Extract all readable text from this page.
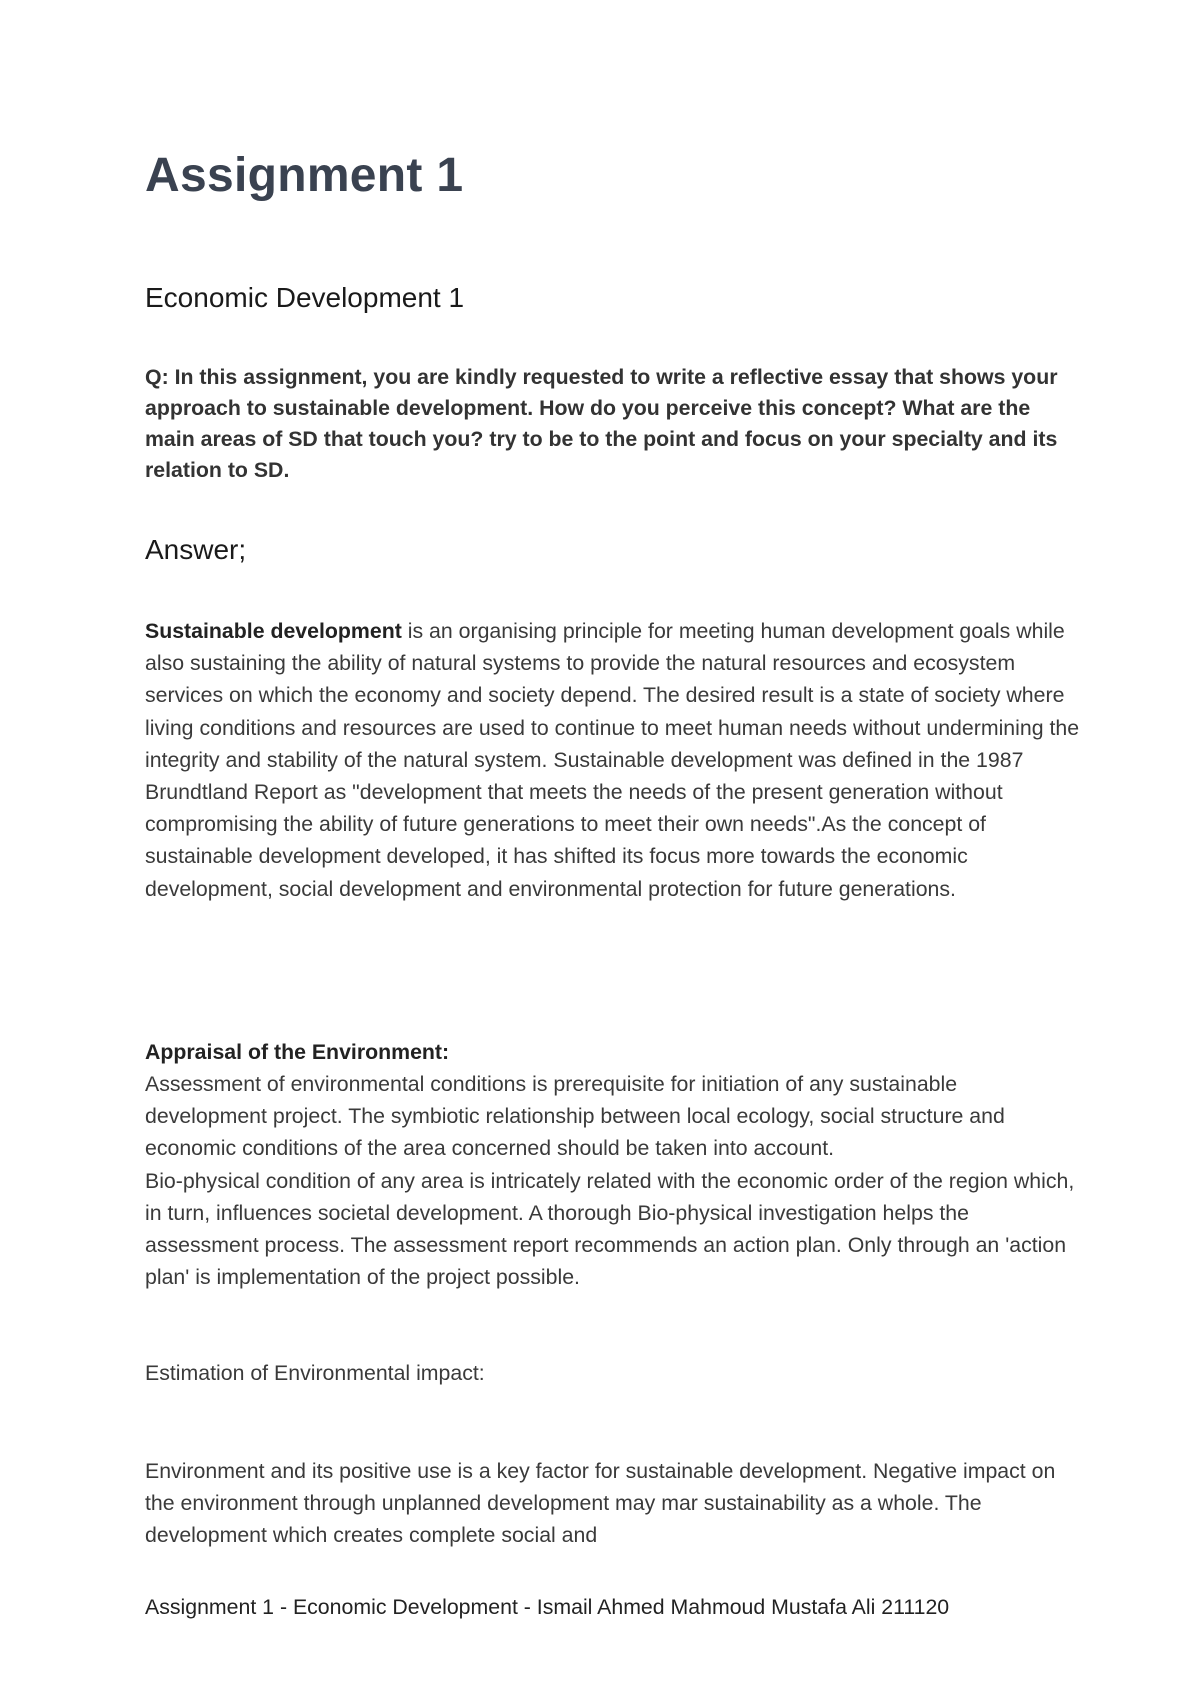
Assignment 1
Economic Development 1

Q: In this assignment, you are kindly requested to write a reflective essay that shows your approach to sustainable development. How do you perceive this concept? What are the main areas of SD that touch you? try to be to the point and focus on your specialty and its relation to SD.

Answer;

Sustainable development is an organising principle for meeting human development goals while also sustaining the ability of natural systems to provide the natural resources and ecosystem services on which the economy and society depend. The desired result is a state of society where living conditions and resources are used to continue to meet human needs without undermining the integrity and stability of the natural system. Sustainable development was defined in the 1987 Brundtland Report as "development that meets the needs of the present generation without compromising the ability of future generations to meet their own needs".As the concept of sustainable development developed, it has shifted its focus more towards the economic development, social development and environmental protection for future generations.

Appraisal of the Environment:

Assessment of environmental conditions is prerequisite for initiation of any sustainable development project. The symbiotic relationship between local ecology, social structure and economic conditions of the area concerned should be taken into account.

Bio-physical condition of any area is intricately related with the economic order of the region which, in turn, influences societal development. A thorough Bio-physical investigation helps the assessment process. The assessment report recommends an action plan. Only through an 'action plan' is implementation of the project possible.

Estimation of Environmental impact:

Environment and its positive use is a key factor for sustainable development. Negative impact on the environment through unplanned development may mar sustainability as a whole. The development which creates complete social and

Assignment 1 - Economic Development - Ismail Ahmed Mahmoud Mustafa Ali 211120
